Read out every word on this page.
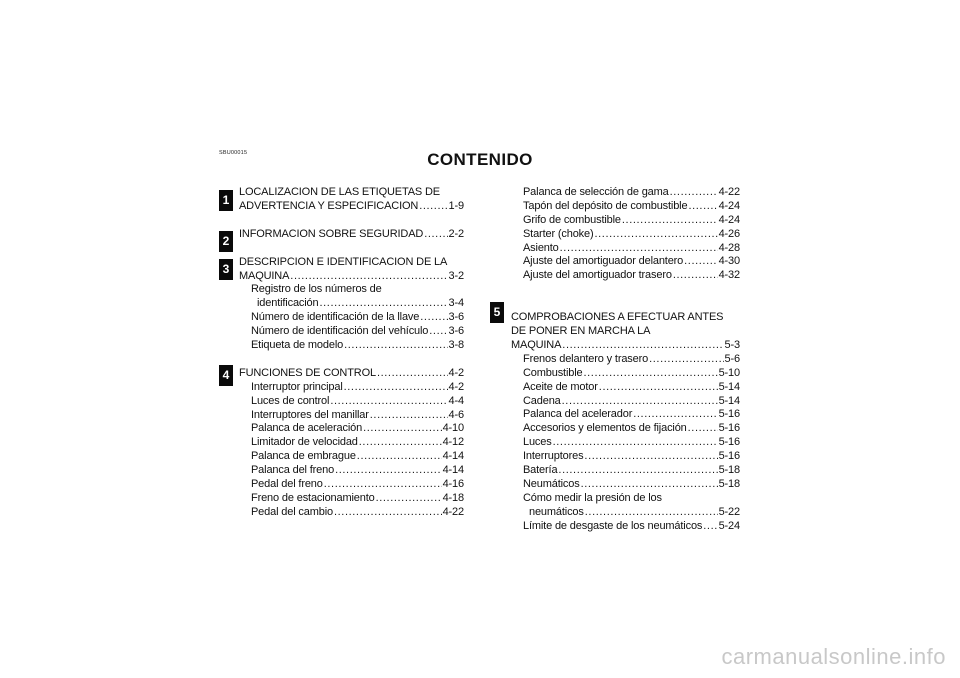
SBU00015	CONTENIDO
1
2
3
4
5
LOCALIZACION DE LAS ETIQUETAS DE
ADVERTENCIA Y ESPECIFICACION .....	1-9
INFORMACION SOBRE SEGURIDAD ..... 2-2
DESCRIPCION E IDENTIFICACION DE LA
MAQUINA .....	3-2
Registro de los números de
identificación .....	3-4
Número de identificación de la llave .....	3-6
Número de identificación del vehículo ..... 3-6
Etiqueta de modelo .....	3-8
FUNCIONES DE CONTROL .....	4-2
Interruptor principal .....	4-2
Luces de control .....	4-4
Interruptores del manillar .....	4-6
Palanca de aceleración .....	4-10
Limitador de velocidad .....	4-12
Palanca de embrague .....	4-14
Palanca del freno .....	4-14
Pedal del freno .....	4-16
Freno de estacionamiento .....	4-18
Pedal del cambio .....	4-22
Palanca de selección de gama .....	4-22
Tapón del depósito de combustible .....	4-24
Grifo de combustible .....	4-24
Starter (choke) .....	4-26
Asiento .....	4-28
Ajuste del amortiguador delantero .....	4-30
Ajuste del amortiguador trasero .....	4-32
COMPROBACIONES A EFECTUAR ANTES
DE PONER EN MARCHA LA
MAQUINA .....	5-3
Frenos delantero y trasero .....	5-6
Combustible .....	5-10
Aceite de motor .....	5-14
Cadena .....	5-14
Palanca del acelerador .....	5-16
Accesorios y elementos de fijación .....	5-16
Luces .....	5-16
Interruptores .....	5-16
Batería .....	5-18
Neumáticos .....	5-18
Cómo medir la presión de los
neumáticos .....	5-22
Límite de desgaste de los neumáticos ..... 5-24
carmanualsonline.info
